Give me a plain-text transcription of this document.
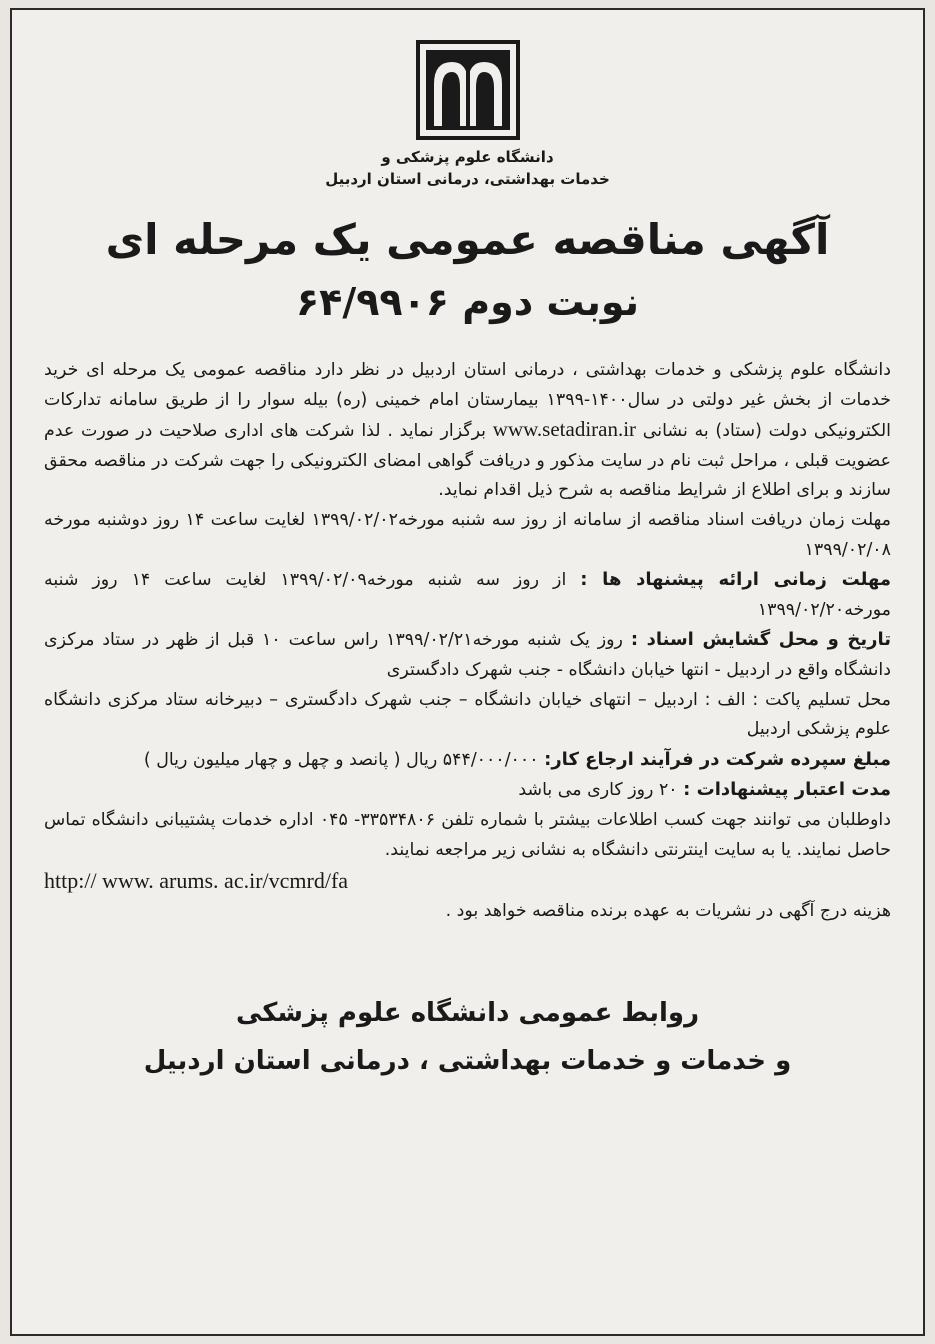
دانشگاه علوم پزشکی و
خدمات بهداشتی، درمانی استان اردبیل
آگهی مناقصه عمومی یک مرحله ای
نوبت دوم ۶۴/۹۹۰۶

دانشگاه علوم پزشکی و خدمات بهداشتی ، درمانی استان اردبیل در نظر دارد مناقصه عمومی یک مرحله ای خرید خدمات از بخش غیر دولتی در سال۱۴۰۰-۱۳۹۹ بیمارستان امام خمینی (ره) بیله سوار را از طریق سامانه تدارکات الکترونیکی دولت (ستاد) به نشانی www.setadiran.ir برگزار نماید . لذا شرکت های اداری صلاحیت در صورت عدم عضویت قبلی ، مراحل ثبت نام در سایت مذکور و دریافت گواهی امضای الکترونیکی را جهت شرکت در مناقصه محقق سازند و برای اطلاع از شرایط مناقصه به شرح ذیل اقدام نماید.

مهلت زمان دریافت اسناد مناقصه از سامانه از روز سه شنبه مورخه۱۳۹۹/۰۲/۰۲ لغایت ساعت ۱۴ روز دوشنبه مورخه ۱۳۹۹/۰۲/۰۸

مهلت زمانی ارائه پیشنهاد ها : از روز سه شنبه مورخه۱۳۹۹/۰۲/۰۹ لغایت ساعت ۱۴ روز شنبه مورخه۱۳۹۹/۰۲/۲۰

تاریخ و محل گشایش اسناد : روز یک شنبه مورخه۱۳۹۹/۰۲/۲۱ راس ساعت ۱۰ قبل از ظهر در ستاد مرکزی دانشگاه واقع در اردبیل - انتها خیابان دانشگاه - جنب شهرک دادگستری

محل تسلیم پاکت : الف : اردبیل – انتهای خیابان دانشگاه – جنب شهرک دادگستری – دبیرخانه ستاد مرکزی دانشگاه علوم پزشکی اردبیل

مبلغ سپرده شرکت در فرآیند ارجاع کار: ۵۴۴/۰۰۰/۰۰۰ ریال ( پانصد و چهل و چهار میلیون ریال )

مدت اعتبار پیشنهادات : ۲۰ روز کاری می باشد

داوطلبان می توانند جهت کسب اطلاعات بیشتر با شماره تلفن ۳۳۵۳۴۸۰۶- ۰۴۵ اداره خدمات پشتیبانی دانشگاه تماس حاصل نمایند. یا به سایت اینترنتی دانشگاه به نشانی زیر مراجعه نمایند.

http:// www. arums. ac.ir/vcmrd/fa

هزینه درج آگهی در نشریات به عهده برنده مناقصه خواهد بود .

روابط عمومی دانشگاه علوم پزشکی
و خدمات و خدمات بهداشتی ، درمانی استان اردبیل
